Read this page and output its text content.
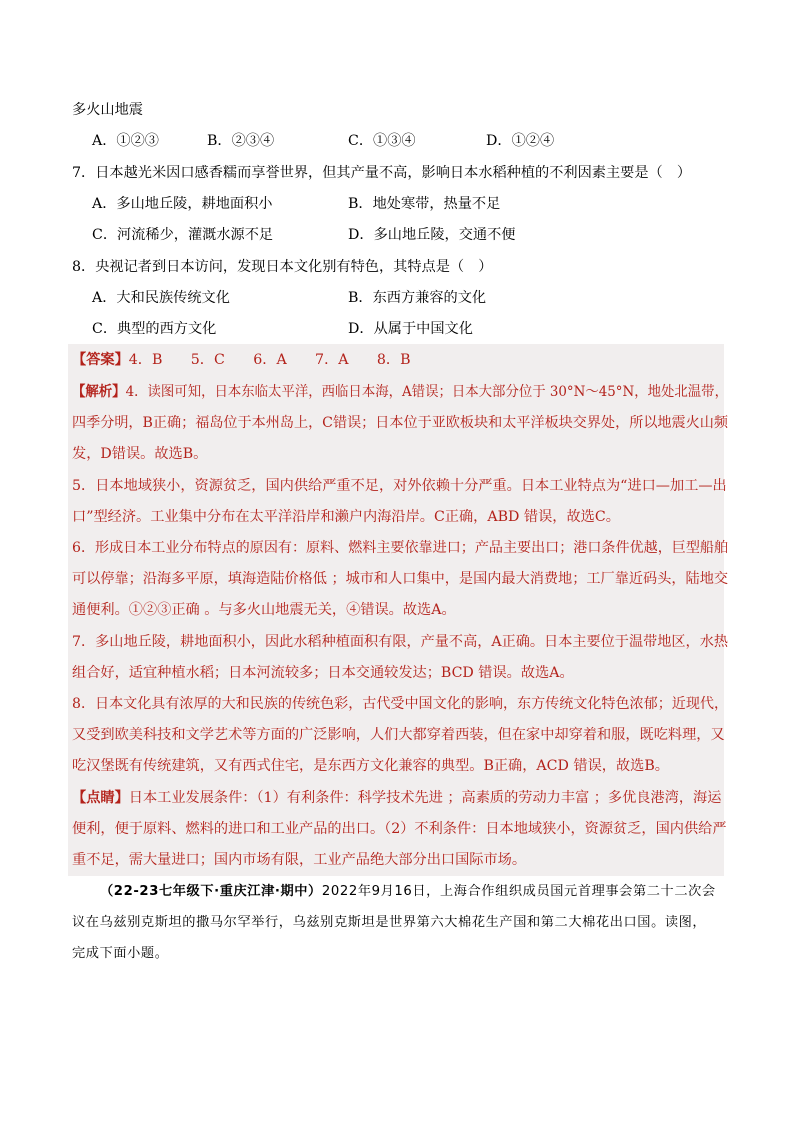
多火山地震
A．①②③	B．②③④	C．①③④	D．①②④
7．日本越光米因口感香糯而享誉世界，但其产量不高，影响日本水稻种植的不利因素主要是（　）
A．多山地丘陵，耕地面积小	B．地处寒带，热量不足
C．河流稀少，灌溉水源不足	D．多山地丘陵，交通不便
8．央视记者到日本访问，发现日本文化别有特色，其特点是（　）
A．大和民族传统文化	B．东西方兼容的文化
C．典型的西方文化	D．从属于中国文化
【答案】4．B　　5．C　　6．A　　7．A　　8．B
【解析】4．读图可知，日本东临太平洋，西临日本海，A错误；日本大部分位于 30°N～45°N，地处北温带，
四季分明，B正确；福岛位于本州岛上，C错误；日本位于亚欧板块和太平洋板块交界处，所以地震火山频
发，D错误。故选B。
5．日本地域狭小，资源贫乏，国内供给严重不足，对外依赖十分严重。日本工业特点为“进口—加工—出
口”型经济。工业集中分布在太平洋沿岸和濑户内海沿岸。C正确，ABD 错误，故选C。
6．形成日本工业分布特点的原因有：原料、燃料主要依靠进口；产品主要出口；港口条件优越，巨型船舶
可以停靠；沿海多平原，填海造陆价格低 ；城市和人口集中，是国内最大消费地；工厂靠近码头，陆地交
通便利。①②③正确 。与多火山地震无关，④错误。故选A。
7．多山地丘陵，耕地面积小，因此水稻种植面积有限，产量不高，A正确。日本主要位于温带地区，水热
组合好，适宜种植水稻；日本河流较多；日本交通较发达；BCD 错误。故选A。
8．日本文化具有浓厚的大和民族的传统色彩，古代受中国文化的影响，东方传统文化特色浓郁；近现代，
又受到欧美科技和文学艺术等方面的广泛影响，人们大都穿着西装，但在家中却穿着和服，既吃料理，又
吃汉堡既有传统建筑，又有西式住宅，是东西方文化兼容的典型。B正确，ACD 错误，故选B。
【点睛】日本工业发展条件：（1）有利条件：科学技术先进 ；高素质的劳动力丰富 ；多优良港湾，海运
便利，便于原料、燃料的进口和工业产品的出口。（2）不利条件：日本地域狭小，资源贫乏，国内供给严
重不足，需大量进口；国内市场有限，工业产品绝大部分出口国际市场。
（22-23七年级下·重庆江津·期中）2022年9月16日，上海合作组织成员国元首理事会第二十二次会
议在乌兹别克斯坦的撒马尔罕举行，乌兹别克斯坦是世界第六大棉花生产国和第二大棉花出口国。读图，
完成下面小题。
